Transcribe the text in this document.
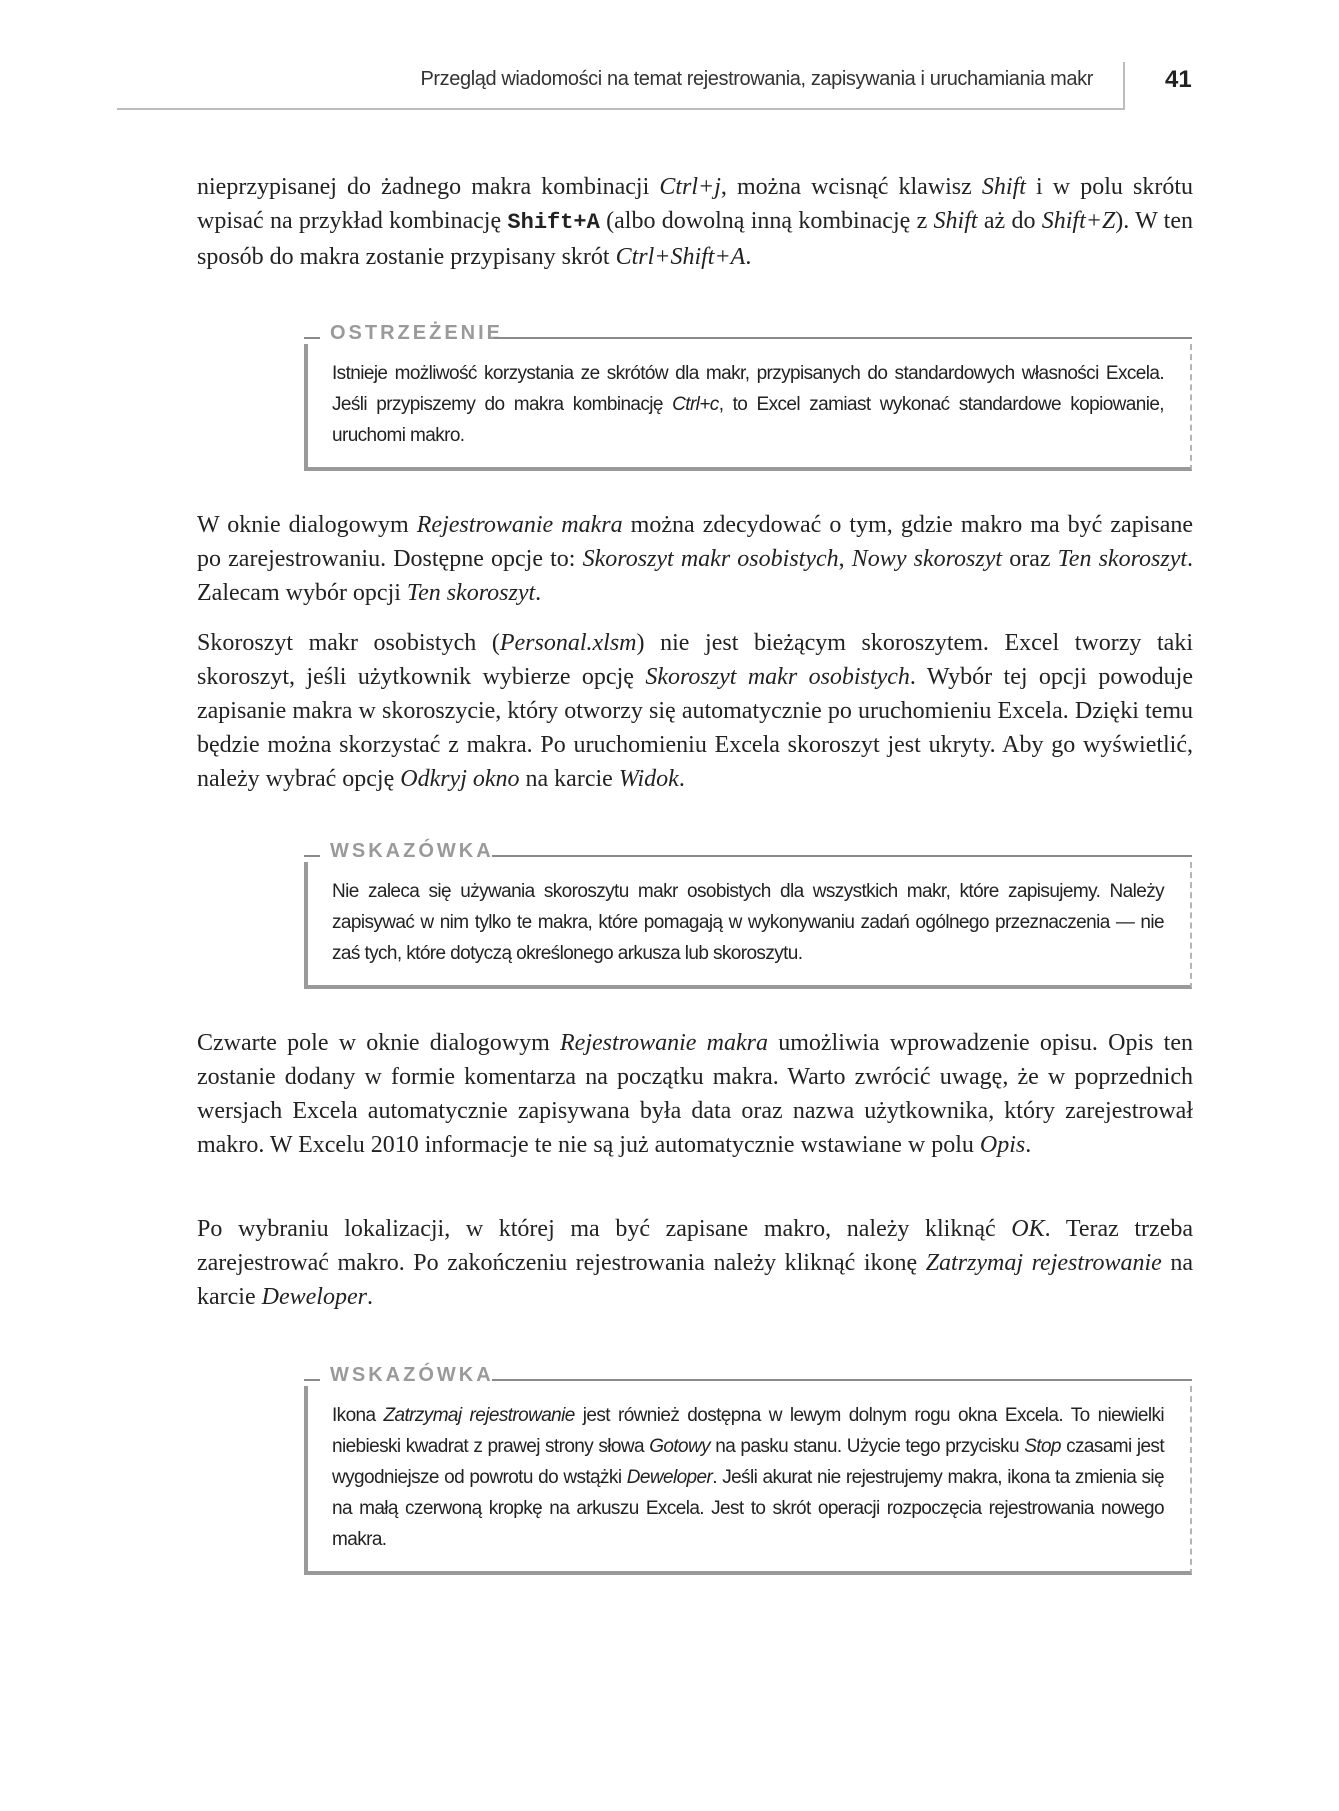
Przegląd wiadomości na temat rejestrowania, zapisywania i uruchamiania makr	41

nieprzypisanej do żadnego makra kombinacji Ctrl+j, można wcisnąć klawisz Shift i w polu skrótu wpisać na przykład kombinację Shift+A (albo dowolną inną kombinację z Shift aż do Shift+Z). W ten sposób do makra zostanie przypisany skrót Ctrl+Shift+A.

OSTRZEŻENIE

Istnieje możliwość korzystania ze skrótów dla makr, przypisanych do standardowych własności Excela. Jeśli przypiszemy do makra kombinację Ctrl+c, to Excel zamiast wykonać standardowe kopiowanie, uruchomi makro.

W oknie dialogowym Rejestrowanie makra można zdecydować o tym, gdzie makro ma być zapisane po zarejestrowaniu. Dostępne opcje to: Skoroszyt makr osobistych, Nowy skoroszyt oraz Ten skoroszyt. Zalecam wybór opcji Ten skoroszyt.

Skoroszyt makr osobistych (Personal.xlsm) nie jest bieżącym skoroszytem. Excel tworzy taki skoroszyt, jeśli użytkownik wybierze opcję Skoroszyt makr osobistych. Wybór tej opcji powoduje zapisanie makra w skoroszycie, który otworzy się automatycznie po uruchomieniu Excela. Dzięki temu będzie można skorzystać z makra. Po uruchomieniu Excela skoroszyt jest ukryty. Aby go wyświetlić, należy wybrać opcję Odkryj okno na karcie Widok.

WSKAZÓWKA

Nie zaleca się używania skoroszytu makr osobistych dla wszystkich makr, które zapisujemy. Należy zapisywać w nim tylko te makra, które pomagają w wykonywaniu zadań ogólnego przeznaczenia — nie zaś tych, które dotyczą określonego arkusza lub skoroszytu.

Czwarte pole w oknie dialogowym Rejestrowanie makra umożliwia wprowadzenie opisu. Opis ten zostanie dodany w formie komentarza na początku makra. Warto zwrócić uwagę, że w poprzednich wersjach Excela automatycznie zapisywana była data oraz nazwa użytkownika, który zarejestrował makro. W Excelu 2010 informacje te nie są już automatycznie wstawiane w polu Opis.

Po wybraniu lokalizacji, w której ma być zapisane makro, należy kliknąć OK. Teraz trzeba zarejestrować makro. Po zakończeniu rejestrowania należy kliknąć ikonę Zatrzymaj rejestrowanie na karcie Deweloper.

WSKAZÓWKA

Ikona Zatrzymaj rejestrowanie jest również dostępna w lewym dolnym rogu okna Excela. To niewielki niebieski kwadrat z prawej strony słowa Gotowy na pasku stanu. Użycie tego przycisku Stop czasami jest wygodniejsze od powrotu do wstążki Deweloper. Jeśli akurat nie rejestrujemy makra, ikona ta zmienia się na małą czerwoną kropkę na arkuszu Excela. Jest to skrót operacji rozpoczęcia rejestrowania nowego makra.
